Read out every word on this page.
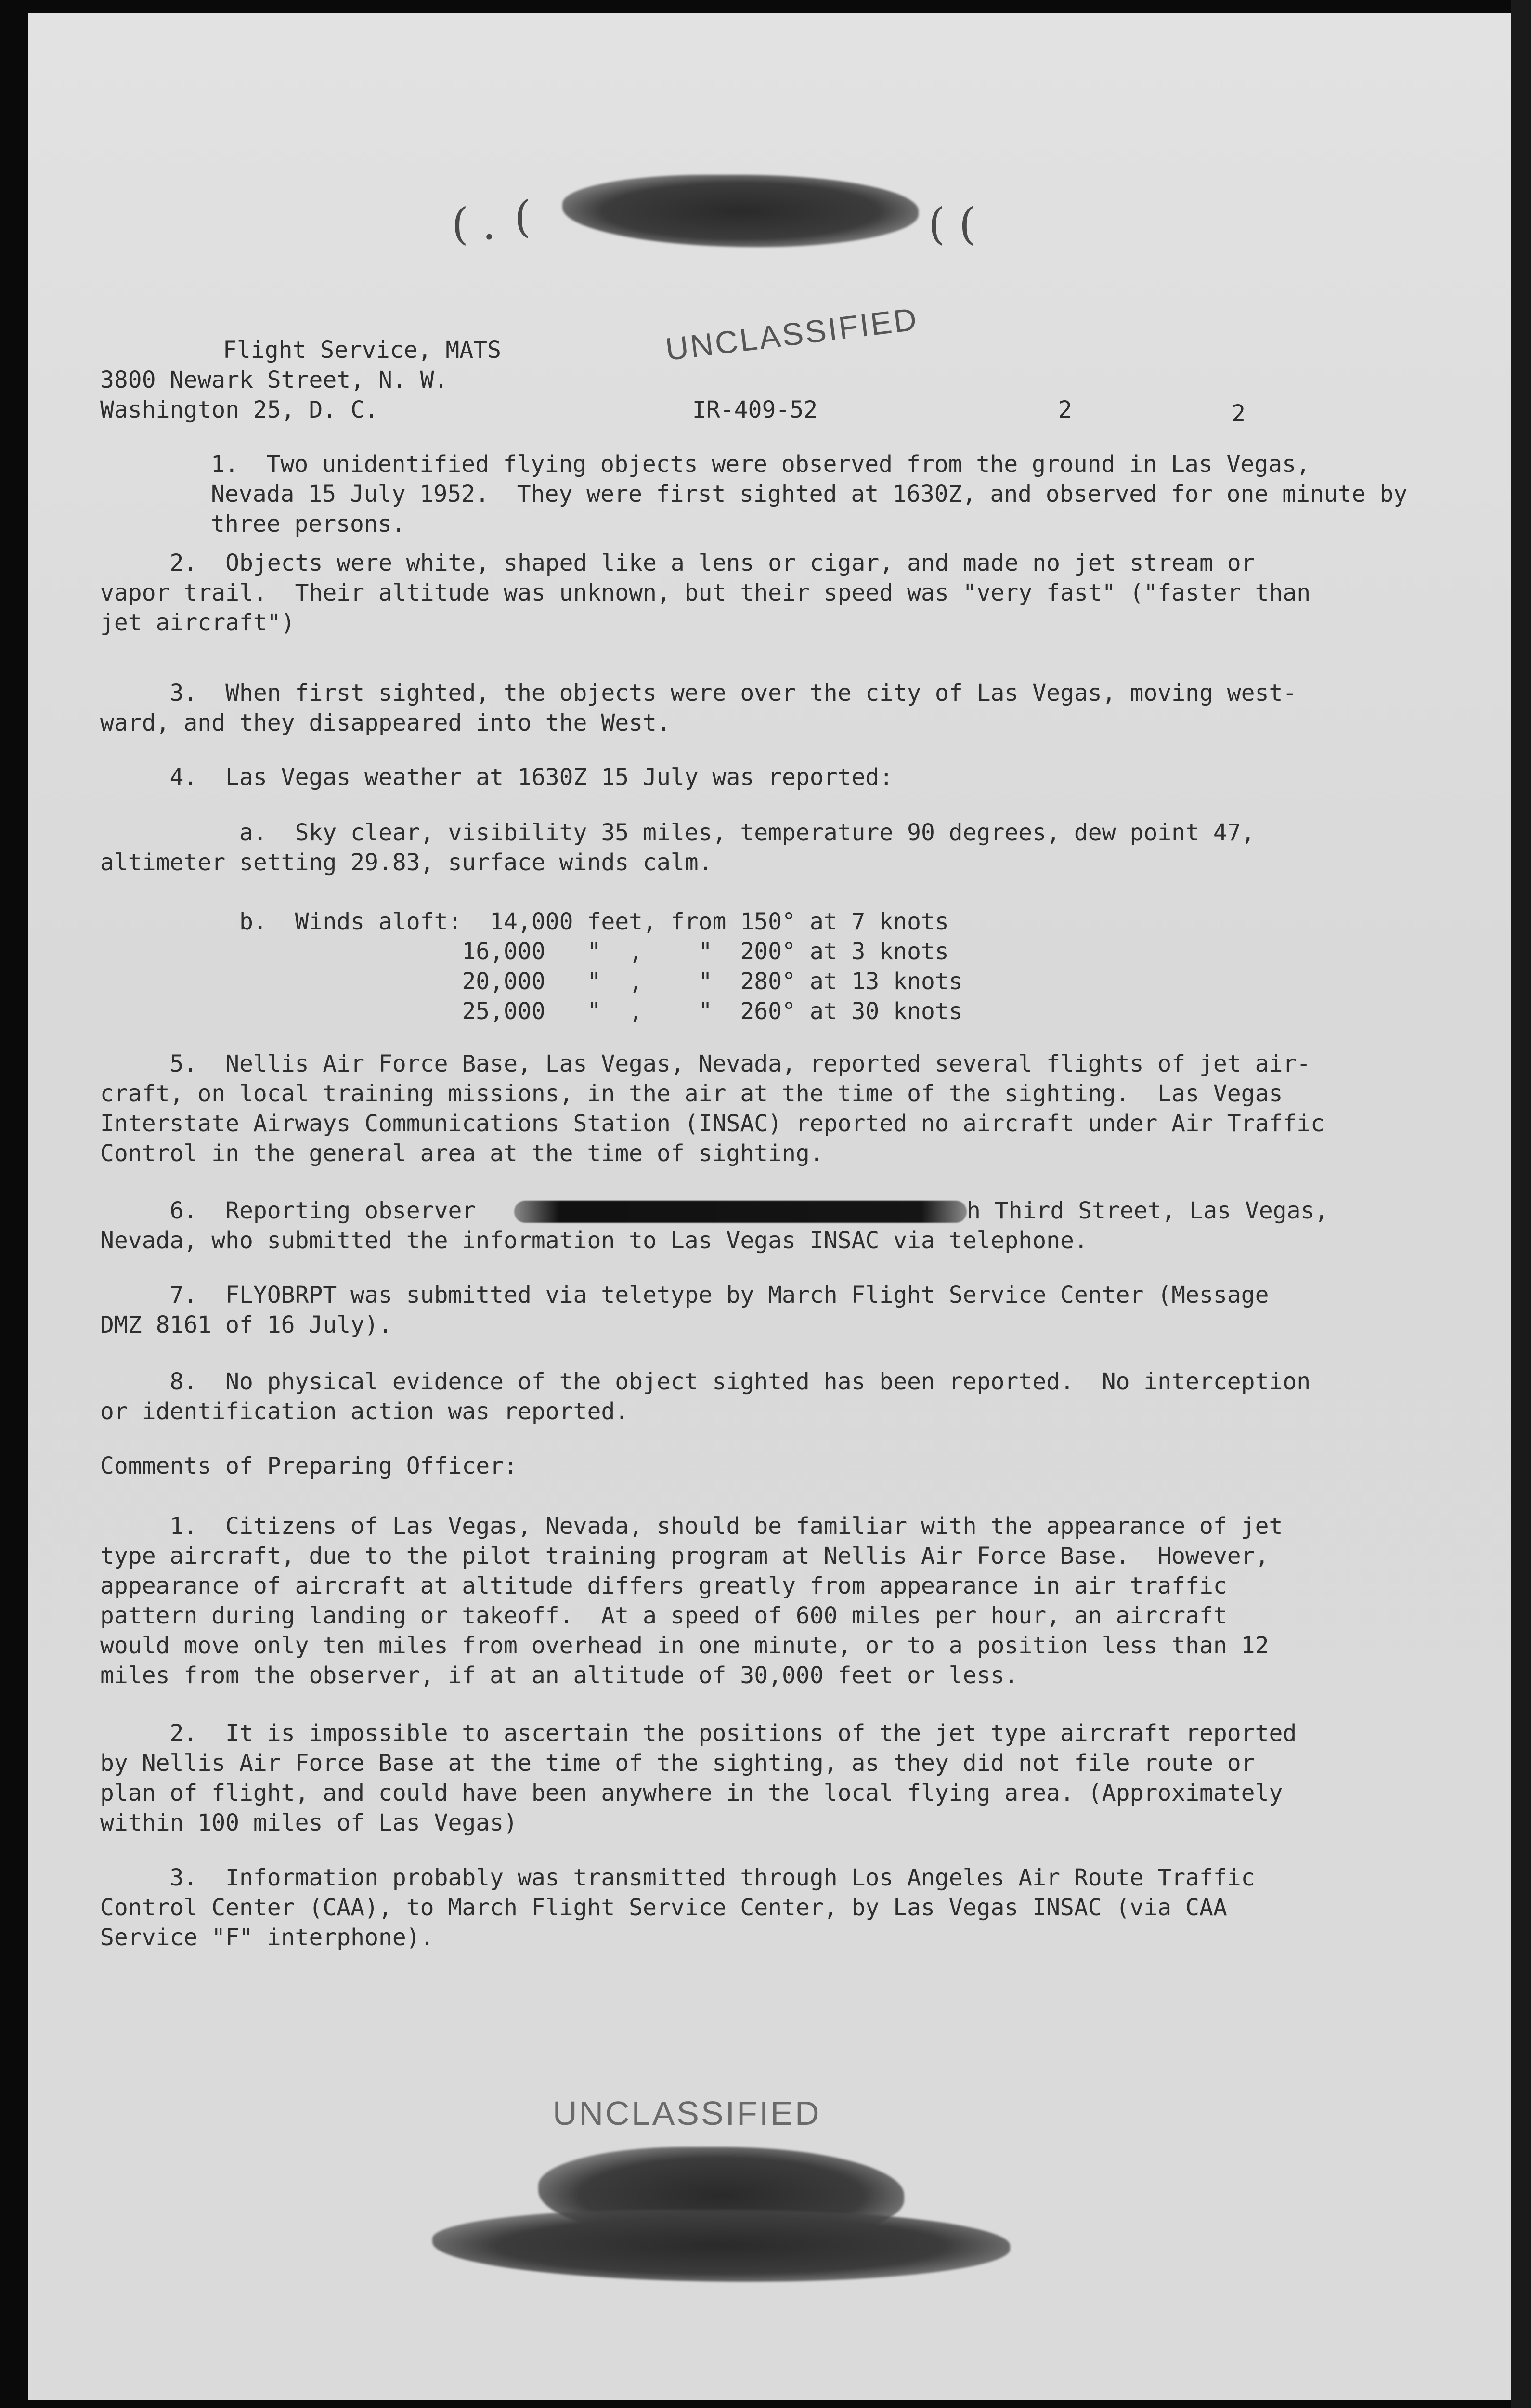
( . (	( (
Flight Service, MATS
3800 Newark Street, N. W.
Washington 25, D. C.
UNCLASSIFIED
IR-409-52	2	2
1.  Two unidentified flying objects were observed from the ground in Las Vegas,
Nevada 15 July 1952.  They were first sighted at 1630Z, and observed for one minute by
three persons.
2.  Objects were white, shaped like a lens or cigar, and made no jet stream or
vapor trail.  Their altitude was unknown, but their speed was "very fast" ("faster than
jet aircraft")
3.  When first sighted, the objects were over the city of Las Vegas, moving west-
ward, and they disappeared into the West.
4.  Las Vegas weather at 1630Z 15 July was reported:
a.  Sky clear, visibility 35 miles, temperature 90 degrees, dew point 47,
altimeter setting 29.83, surface winds calm.
b.  Winds aloft:  14,000 feet, from 150° at 7 knots
16,000   "  ,    "  200° at 3 knots
20,000   "  ,    "  280° at 13 knots
25,000   "  ,    "  260° at 30 knots
5.  Nellis Air Force Base, Las Vegas, Nevada, reported several flights of jet air-
craft, on local training missions, in the air at the time of the sighting.  Las Vegas
Interstate Airways Communications Station (INSAC) reported no aircraft under Air Traffic
Control in the general area at the time of sighting.
6.  Reporting observer	h Third Street, Las Vegas,
Nevada, who submitted the information to Las Vegas INSAC via telephone.
7.  FLYOBRPT was submitted via teletype by March Flight Service Center (Message
DMZ 8161 of 16 July).
8.  No physical evidence of the object sighted has been reported.  No interception
or identification action was reported.
Comments of Preparing Officer:
1.  Citizens of Las Vegas, Nevada, should be familiar with the appearance of jet
type aircraft, due to the pilot training program at Nellis Air Force Base.  However,
appearance of aircraft at altitude differs greatly from appearance in air traffic
pattern during landing or takeoff.  At a speed of 600 miles per hour, an aircraft
would move only ten miles from overhead in one minute, or to a position less than 12
miles from the observer, if at an altitude of 30,000 feet or less.
2.  It is impossible to ascertain the positions of the jet type aircraft reported
by Nellis Air Force Base at the time of the sighting, as they did not file route or
plan of flight, and could have been anywhere in the local flying area. (Approximately
within 100 miles of Las Vegas)
3.  Information probably was transmitted through Los Angeles Air Route Traffic
Control Center (CAA), to March Flight Service Center, by Las Vegas INSAC (via CAA
Service "F" interphone).
UNCLASSIFIED
